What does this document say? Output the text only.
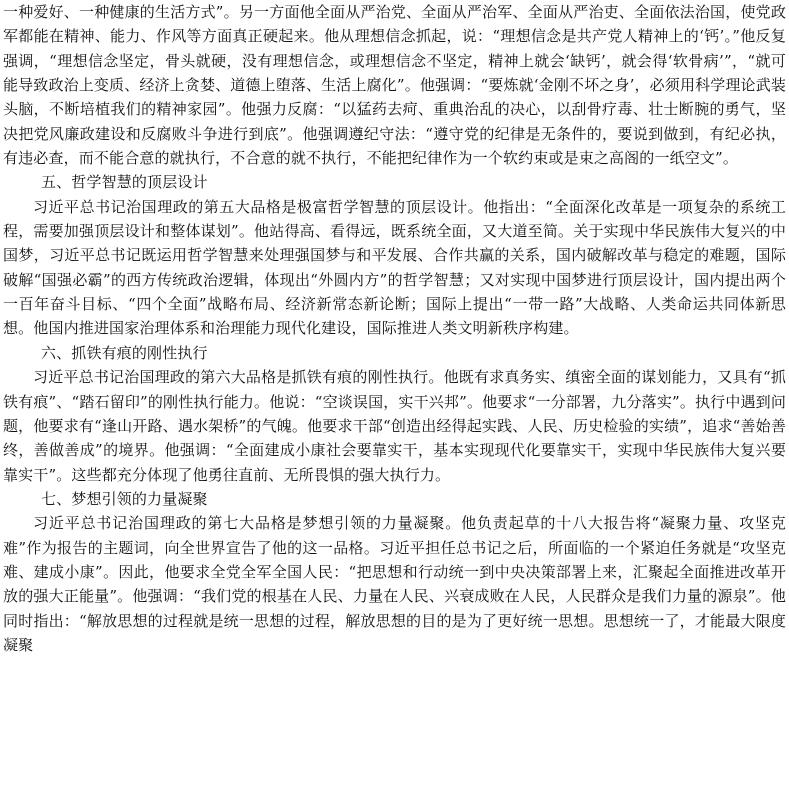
一种爱好、一种健康的生活方式”。另一方面他全面从严治党、全面从严治军、全面从严治吏、全面依法治国，使党政军都能在精神、能力、作风等方面真正硬起来。他从理想信念抓起，说：“理想信念是共产党人精神上的‘钙’。”他反复强调，“理想信念坚定，骨头就硬，没有理想信念，或理想信念不坚定，精神上就会‘缺钙’，就会得‘软骨病’”，“就可能导致政治上变质、经济上贪婪、道德上堕落、生活上腐化”。他强调：“要炼就‘金刚不坏之身’，必须用科学理论武装头脑，不断培植我们的精神家园”。他强力反腐：“以猛药去疴、重典治乱的决心，以刮骨疗毒、壮士断腕的勇气，坚决把党风廉政建设和反腐败斗争进行到底”。他强调遵纪守法：“遵守党的纪律是无条件的，要说到做到，有纪必执，有违必查，而不能合意的就执行，不合意的就不执行，不能把纪律作为一个软约束或是束之高阁的一纸空文”。

五、哲学智慧的顶层设计

习近平总书记治国理政的第五大品格是极富哲学智慧的顶层设计。他指出：“全面深化改革是一项复杂的系统工程，需要加强顶层设计和整体谋划”。他站得高、看得远，既系统全面，又大道至简。关于实现中华民族伟大复兴的中国梦，习近平总书记既运用哲学智慧来处理强国梦与和平发展、合作共赢的关系，国内破解改革与稳定的难题，国际破解“国强必霸”的西方传统政治逻辑，体现出“外圆内方”的哲学智慧；又对实现中国梦进行顶层设计，国内提出两个一百年奋斗目标、“四个全面”战略布局、经济新常态新论断；国际上提出“一带一路”大战略、人类命运共同体新思想。他国内推进国家治理体系和治理能力现代化建设，国际推进人类文明新秩序构建。

六、抓铁有痕的刚性执行

习近平总书记治国理政的第六大品格是抓铁有痕的刚性执行。他既有求真务实、缜密全面的谋划能力，又具有“抓铁有痕”、“踏石留印”的刚性执行能力。他说：“空谈误国，实干兴邦”。他要求“一分部署，九分落实”。执行中遇到问题，他要求有“逢山开路、遇水架桥”的气魄。他要求干部“创造出经得起实践、人民、历史检验的实绩”，追求“善始善终，善做善成”的境界。他强调：“全面建成小康社会要靠实干，基本实现现代化要靠实干，实现中华民族伟大复兴要靠实干”。这些都充分体现了他勇往直前、无所畏惧的强大执行力。

七、梦想引领的力量凝聚

习近平总书记治国理政的第七大品格是梦想引领的力量凝聚。他负责起草的十八大报告将“凝聚力量、攻坚克难”作为报告的主题词，向全世界宣告了他的这一品格。习近平担任总书记之后，所面临的一个紧迫任务就是“攻坚克难、建成小康”。因此，他要求全党全军全国人民：“把思想和行动统一到中央决策部署上来，汇聚起全面推进改革开放的强大正能量”。他强调：“我们党的根基在人民、力量在人民、兴衰成败在人民，人民群众是我们力量的源泉”。他同时指出：“解放思想的过程就是统一思想的过程，解放思想的目的是为了更好统一思想。思想统一了，才能最大限度凝聚
